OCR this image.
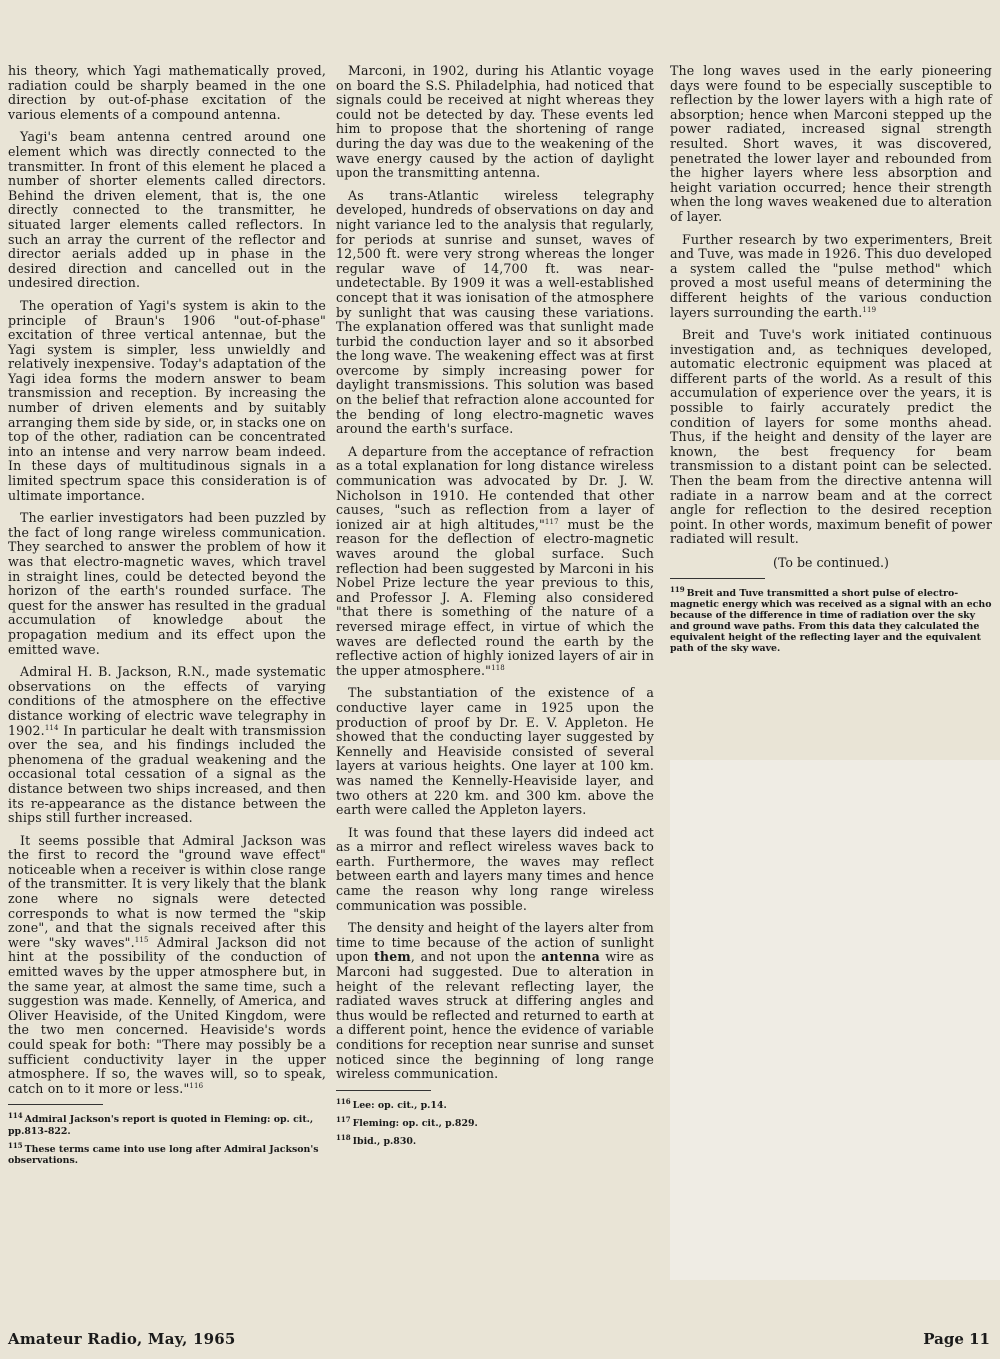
his theory, which Yagi mathematically proved, radiation could be sharply beamed in the one direction by out-of-phase excitation of the various elements of a compound antenna.

Yagi's beam antenna centred around one element which was directly connected to the transmitter. In front of this element he placed a number of shorter elements called directors. Behind the driven element, that is, the one directly connected to the transmitter, he situated larger elements called reflectors. In such an array the current of the reflector and director aerials added up in phase in the desired direction and cancelled out in the undesired direction.

The operation of Yagi's system is akin to the principle of Braun's 1906 "out-of-phase" excitation of three vertical antennae, but the Yagi system is simpler, less unwieldly and relatively inexpensive. Today's adaptation of the Yagi idea forms the modern answer to beam transmission and reception. By increasing the number of driven elements and by suitably arranging them side by side, or, in stacks one on top of the other, radiation can be concentrated into an intense and very narrow beam indeed. In these days of multitudinous signals in a limited spectrum space this consideration is of ultimate importance.

The earlier investigators had been puzzled by the fact of long range wireless communication. They searched to answer the problem of how it was that electro-magnetic waves, which travel in straight lines, could be detected beyond the horizon of the earth's rounded surface. The quest for the answer has resulted in the gradual accumulation of knowledge about the propagation medium and its effect upon the emitted wave.

Admiral H. B. Jackson, R.N., made systematic observations on the effects of varying conditions of the atmosphere on the effective distance working of electric wave telegraphy in 1902.$^{114}$ In particular he dealt with transmission over the sea, and his findings included the phenomena of the gradual weakening and the occasional total cessation of a signal as the distance between two ships increased, and then its re-appearance as the distance between the ships still further increased.

It seems possible that Admiral Jackson was the first to record the "ground wave effect" noticeable when a receiver is within close range of the transmitter. It is very likely that the blank zone where no signals were detected corresponds to what is now termed the "skip zone", and that the signals received after this were "sky waves".$^{115}$ Admiral Jackson did not hint at the possibility of the conduction of emitted waves by the upper atmosphere but, in the same year, at almost the same time, such a suggestion was made. Kennelly, of America, and Oliver Heaviside, of the United Kingdom, were the two men concerned. Heaviside's words could speak for both: "There may possibly be a sufficient conductivity layer in the upper atmosphere. If so, the waves will, so to speak, catch on to it more or less."$^{116}$

$^{114}$ Admiral Jackson's report is quoted in Fleming: op. cit., pp.813-822.

$^{115}$ These terms came into use long after Admiral Jackson's observations.

Marconi, in 1902, during his Atlantic voyage on board the S.S. Philadelphia, had noticed that signals could be received at night whereas they could not be detected by day. These events led him to propose that the shortening of range during the day was due to the weakening of the wave energy caused by the action of daylight upon the transmitting antenna.

As trans-Atlantic wireless telegraphy developed, hundreds of observations on day and night variance led to the analysis that regularly, for periods at sunrise and sunset, waves of 12,500 ft. were very strong whereas the longer regular wave of 14,700 ft. was near-undetectable. By 1909 it was a well-established concept that it was ionisation of the atmosphere by sunlight that was causing these variations. The explanation offered was that sunlight made turbid the conduction layer and so it absorbed the long wave. The weakening effect was at first overcome by simply increasing power for daylight transmissions. This solution was based on the belief that refraction alone accounted for the bending of long electro-magnetic waves around the earth's surface.

A departure from the acceptance of refraction as a total explanation for long distance wireless communication was advocated by Dr. J. W. Nicholson in 1910. He contended that other causes, "such as reflection from a layer of ionized air at high altitudes,"$^{117}$ must be the reason for the deflection of electro-magnetic waves around the global surface. Such reflection had been suggested by Marconi in his Nobel Prize lecture the year previous to this, and Professor J. A. Fleming also considered "that there is something of the nature of a reversed mirage effect, in virtue of which the waves are deflected round the earth by the reflective action of highly ionized layers of air in the upper atmosphere."$^{118}$

The substantiation of the existence of a conductive layer came in 1925 upon the production of proof by Dr. E. V. Appleton. He showed that the conducting layer suggested by Kennelly and Heaviside consisted of several layers at various heights. One layer at 100 km. was named the Kennelly-Heaviside layer, and two others at 220 km. and 300 km. above the earth were called the Appleton layers.

It was found that these layers did indeed act as a mirror and reflect wireless waves back to earth. Furthermore, the waves may reflect between earth and layers many times and hence came the reason why long range wireless communication was possible.

The density and height of the layers alter from time to time because of the action of sunlight upon them, and not upon the antenna wire as Marconi had suggested. Due to alteration in height of the relevant reflecting layer, the radiated waves struck at differing angles and thus would be reflected and returned to earth at a different point, hence the evidence of variable conditions for reception near sunrise and sunset noticed since the beginning of long range wireless communication.

$^{116}$ Lee: op. cit., p.14.

$^{117}$ Fleming: op. cit., p.829.

$^{118}$ Ibid., p.830.

The long waves used in the early pioneering days were found to be especially susceptible to reflection by the lower layers with a high rate of absorption; hence when Marconi stepped up the power radiated, increased signal strength resulted. Short waves, it was discovered, penetrated the lower layer and rebounded from the higher layers where less absorption and height variation occurred; hence their strength when the long waves weakened due to alteration of layer.

Further research by two experimenters, Breit and Tuve, was made in 1926. This duo developed a system called the "pulse method" which proved a most useful means of determining the different heights of the various conduction layers surrounding the earth.$^{119}$

Breit and Tuve's work initiated continuous investigation and, as techniques developed, automatic electronic equipment was placed at different parts of the world. As a result of this accumulation of experience over the years, it is possible to fairly accurately predict the condition of layers for some months ahead. Thus, if the height and density of the layer are known, the best frequency for beam transmission to a distant point can be selected. Then the beam from the directive antenna will radiate in a narrow beam and at the correct angle for reflection to the desired reception point. In other words, maximum benefit of power radiated will result.

(To be continued.)

$^{119}$ Breit and Tuve transmitted a short pulse of electro-magnetic energy which was received as a signal with an echo because of the difference in time of radiation over the sky and ground wave paths. From this data they calculated the equivalent height of the reflecting layer and the equivalent path of the sky wave.

Amateur Radio, May, 1965	Page 11
